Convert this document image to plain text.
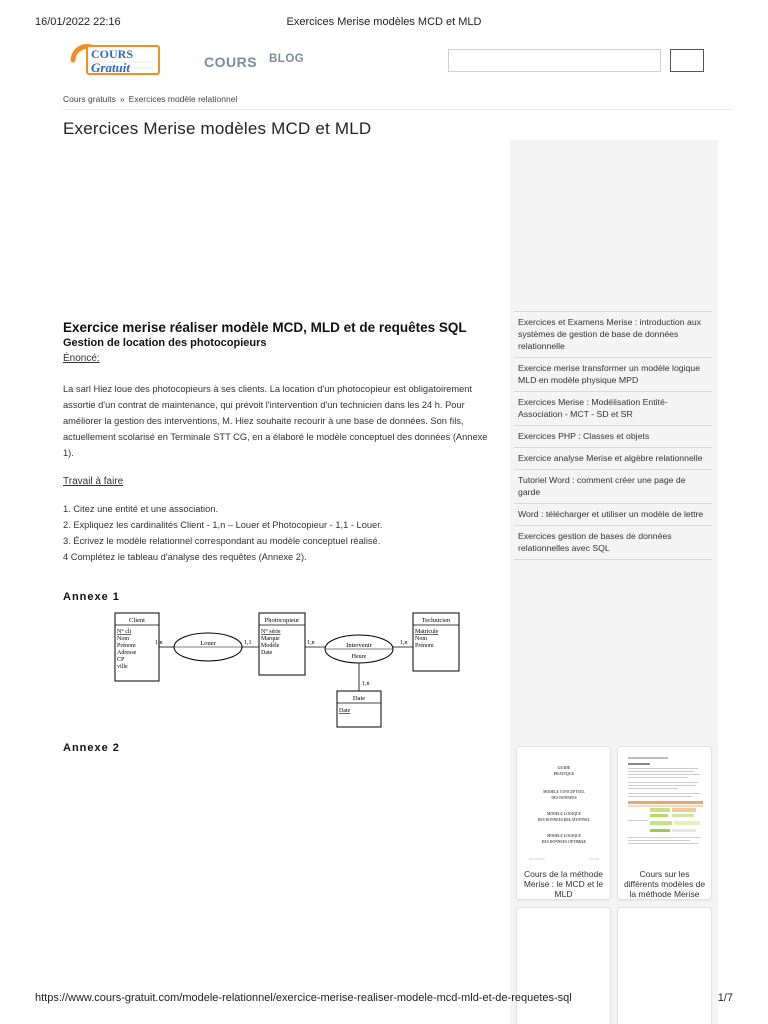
16/01/2022 22:16	Exercices Merise modèles MCD et MLD
COURS
Gratuit	COURS BLOG
Cours gratuits » Exercices modèle relationnel
Exercices Merise modèles MCD et MLD
Exercice merise réaliser modèle MCD, MLD et de requêtes SQL
Gestion de location des photocopieurs
Énoncé:
La sarl Hiez loue des photocopieurs à ses clients. La location d'un photocopieur est obligatoirement
assortie d'un contrat de maintenance, qui prévoit l'intervention d'un technicien dans les 24 h. Pour
améliorer la gestion des interventions, M. Hiez souhaite recourir à une base de données. Son fils,
actuellement scolarisé en Terminale STT CG, en a élaboré le modèle conceptuel des données (Annexe
1).
Travail à faire
1. Citez une entité et une association.
2. Expliquez les cardinalités Client - 1,n – Louer et Photocopieur - 1,1 - Louer.
3. Écrivez le modèle relationnel correspondant au modèle conceptuel réalisé.
4 Complétez le tableau d'analyse des requêtes (Annexe 2).
Annexe 1
Client
N° clt
Nom
Prénom
Adresse
CP
ville
Louer
1,n	1,1
Photocopieur
N° série
Marque
Modèle
Date
Intervenir
Heure
1,n	1,n
Technicien
Matricule
Nom
Prénom
1,n
Date
Date
Annexe 2
Exercices et Examens Merise : introduction aux systèmes de gestion de base de données relationnelle
Exercice merise transformer un modèle logique MLD en modèle physique MPD
Exercices Merise : Modélisation Entité-Association - MCT - SD et SR
Exercices PHP : Classes et objets
Exercice analyse Merise et algèbre relationnelle
Tutoriel Word : comment créer une page de garde
Word : télécharger et utiliser un modèle de lettre
Exercices gestion de bases de données relationnelles avec SQL
GUIDE
PRATIQUE
MODELE CONCEPTUEL
DES DONNEES
MODELE LOGIQUE
DES DONNEES RELATIONNEL
MODELE LOGIQUE
DES DONNEES OPTIMISE
Cours de la méthode Merise : le MCD et le MLD
Cours sur les différents modèles de la méthode Merise
https://www.cours-gratuit.com/modele-relationnel/exercice-merise-realiser-modele-mcd-mld-et-de-requetes-sql	1/7
